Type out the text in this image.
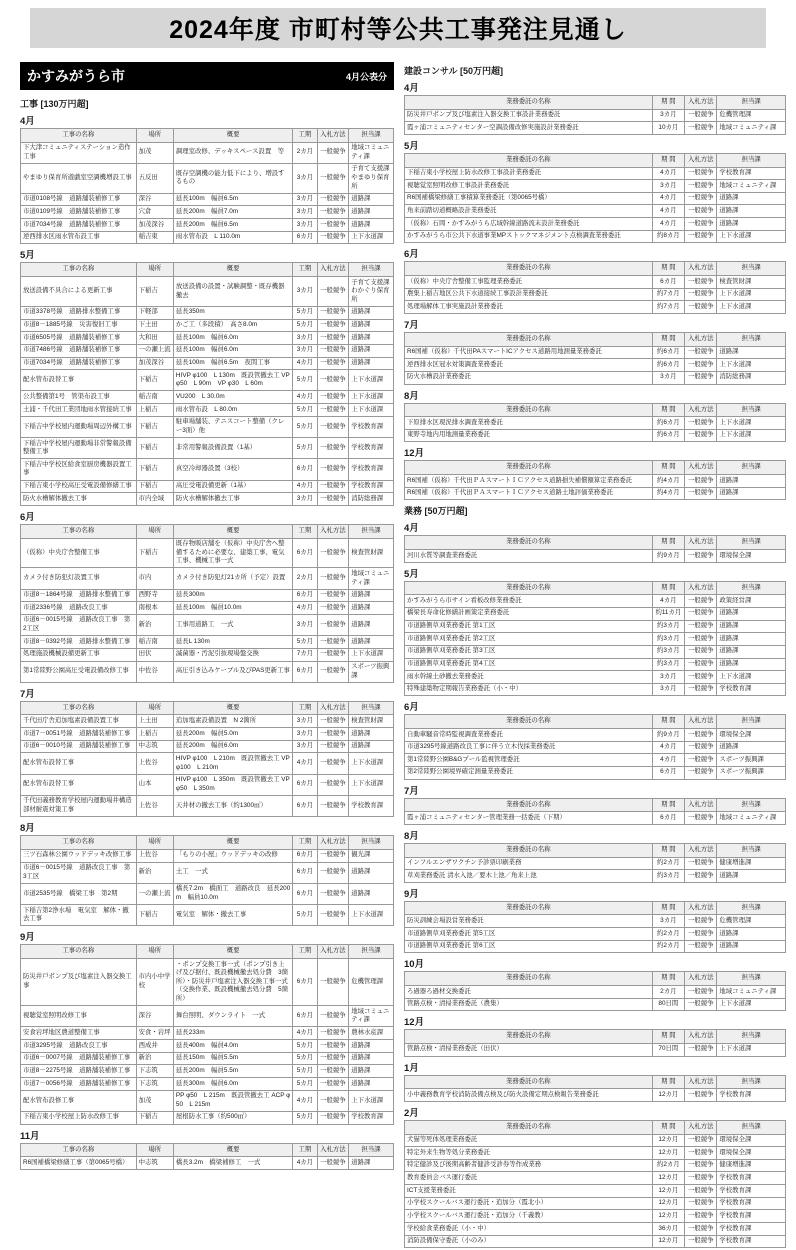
2024年度 市町村等公共工事発注見通し
かすみがうら市	4月公表分
工事 [130万円超]
4月
工事の名称	場所	概要	工期	入札方法	担当課
下大津コミュニティステーション造作工事	加茂	調理室改修、デッキスペース設置　等	2カ月	一般競争	地域コミュニティ課
やまゆり保育所遊戯室空調機増設工事	五反田	既存空調機の能力低下により、増設するもの	3カ月	一般競争	子育て支援課やまゆり保育所
市道0108号線　道路舗装補修工事	深谷	延長100m　幅員6.5m	3カ月	一般競争	道路課
市道0109号線　道路舗装補修工事	穴倉	延長200m　幅員7.0m	3カ月	一般競争	道路課
市道7034号線　道路舗装補修工事	加茂深谷	延長200m　幅員6.5m	3カ月	一般競争	道路課
逆西排水区雨水管布設工事	稲吉東	雨水管布設　L 110.0m	6カ月	一般競争	上下水道課
5月
工事の名称	場所	概要	工期	入札方法	担当課
放送設備不具合による更新工事	下稲吉	放送設備の設置・試験調整・既存機器撤去	3カ月	一般競争	子育て支援課わかぐり保育所
市道3378号線　道路排水整備工事	下軽部	延長350m	5カ月	一般競争	道路課
市道8－1885号線　災害復旧工事	下土田	かご工（多段積）　高さ8.0m	5カ月	一般競争	道路課
市道6505号線　道路舗装補修工事	大和田	延長100m　幅員6.0m	3カ月	一般競争	道路課
市道7486号線　道路舗装補修工事	一の瀬上流	延長100m　幅員6.0m	3カ月	一般競争	道路課
市道7034号線　道路舗装補修工事	加茂深谷	延長100m　幅員6.5m　夜間工事	4カ月	一般競争	道路課
配水管布設替工事	下稲吉	HIVP φ100　L 130m　既設管撤去工 VP φ50　L 90m　VP φ30　L 60m	5カ月	一般競争	上下水道課
公共整備第1号　管渠布設工事	稲吉南	VU200　L 30.0m	4カ月	一般競争	上下水道課
土浦・千代田工業団地雨水管接続工事	上稲吉	雨水管布設　L 80.0m	5カ月	一般競争	上下水道課
下稲吉中学校屋内運動場周辺外構工事	下稲吉	駐車場舗装、テニスコート整備（クレー3面）他	5カ月	一般競争	学校教育課
下稲吉中学校屋内運動場非常警報設備整備工事	下稲吉	非常用警報設備設置（1基）	5カ月	一般競争	学校教育課
下稲吉中学校区給食室厨房機器設置工事	下稲吉	真空冷却器設置（3校）	6カ月	一般競争	学校教育課
下稲吉東小学校高圧受電設備修繕工事	下稲吉	高圧受電設備更新（1基）	4カ月	一般競争	学校教育課
防火水槽解体撤去工事	市内全域	防火水槽解体撤去工事	3カ月	一般競争	消防総務課
6月
工事の名称	場所	概要	工期	入札方法	担当課
（仮称）中央庁舎整備工事	下稲吉	既存物販店舗を（仮称）中央庁舎へ整備するために必要な、建築工事、電気工事、機械工事一式	6カ月	一般競争	検査管財課
カメラ付き防犯灯設置工事	市内	カメラ付き防犯灯21カ所（予定）設置	2カ月	一般競争	地域コミュニティ課
市道8－1864号線　道路排水整備工事	西野寺	延長300m	6カ月	一般競争	道路課
市道2336号線　道路改良工事	南根本	延長100m　幅員10.0m	4カ月	一般競争	道路課
市道6－0015号線　道路改良工事　第2工区	新治	工事用道路工　一式	3カ月	一般競争	道路課
市道8－0392号線　道路排水整備工事	稲吉南	延長L 130m	5カ月	一般競争	道路課
処理施設機械設備更新工事	田伏	滅菌器・汚泥引抜現場盤交換	7カ月	一般競争	上下水道課
第1常陸野公園高圧受電設備改修工事	中佐谷	高圧引き込みケーブル及びPAS更新工事	6カ月	一般競争	スポーツ振興課
7月
工事の名称	場所	概要	工期	入札方法	担当課
千代田庁舎追加塩素設備設置工事	上土田	追加塩素設備設置　N 2箇所	3カ月	一般競争	検査管財課
市道7－0051号線　道路舗装補修工事	上稲吉	延長200m　幅員5.0m	3カ月	一般競争	道路課
市道6－0010号線　道路舗装補修工事	中志筑	延長200m　幅員6.0m	3カ月	一般競争	道路課
配水管布設替工事	上佐谷	HIVP φ100　L 210m　既設管撤去工 VP φ100　L 210m	4カ月	一般競争	上下水道課
配水管布設替工事	山本	HIVP φ100　L 350m　既設管撤去工 VP φ50　L 350m	6カ月	一般競争	上下水道課
千代田義務教育学校屋内運動場井構造部材耐震対策工事	上佐谷	天井材の撤去工事（約1300㎡）	6カ月	一般競争	学校教育課
8月
工事の名称	場所	概要	工期	入札方法	担当課
三ツ石森林公園ウッドデッキ改修工事	上佐谷	「もりの小屋」ウッドデッキの改修	6カ月	一般競争	観光課
市道6－0015号線　道路改良工事　第3工区	新治	土工　一式	6カ月	一般競争	道路課
市道2535号線　橋梁工事　第2期	一の瀬上流	橋長7.2m　橋面工　道路改良　延長200m　幅員10.0m	6カ月	一般競争	道路課
下稲吉第2浄水場　電気室　解体・撤去工事	下稲吉	電気室　解体・撤去工事	5カ月	一般競争	上下水道課
9月
工事の名称	場所	概要	工期	入札方法	担当課
防災井戸ポンプ及び塩素注入器交換工事	市内小中学校	・ポンプ交換工事一式（ポンプ引き上げ及び据付、既設機械撤去処分費　3箇所）・防災井戸塩素注入器交換工事一式（交換作業、既設機械撤去処分費　5箇所）	6カ月	一般競争	危機管理課
視聴覚室照明改修工事	深谷	舞台照明、ダウンライト　一式	6カ月	一般競争	地域コミュニティ課
安食岩坪地区農道整備工事	安食・岩坪	延長233m	4カ月	一般競争	農林水産課
市道3295号線　道路改良工事	西成井	延長400m　幅員4.0m	5カ月	一般競争	道路課
市道6－0007号線　道路舗装補修工事	新治	延長150m　幅員5.5m	5カ月	一般競争	道路課
市道8－2275号線　道路舗装補修工事	下志筑	延長200m　幅員5.5m	5カ月	一般競争	道路課
市道7－0056号線　道路舗装補修工事	下志筑	延長300m　幅員6.0m	5カ月	一般競争	道路課
配水管布設修工事	加茂	PP φ50　L 215m　既設管撤去工 ACP φ50　L 215m	4カ月	一般競争	上下水道課
下稲吉東小学校屋上防水改修工事	下稲吉	屋根防水工事（約500㎡）	5カ月	一般競争	学校教育課
11月
工事の名称	場所	概要	工期	入札方法	担当課
R6国補橋梁修繕工事（第0065号橋）	中志筑	橋長3.2m　橋梁補修工　一式	4カ月	一般競争	道路課
建設コンサル [50万円超]
4月
業務委託の名称	期 間	入札方法	担当課
防災井戸ポンプ及び塩素注入器交換工事設計業務委託	3カ月	一般競争	危機管理課
霞ヶ浦コミュニティセンター空調設備改修実施設計業務委託	10カ月	一般競争	地域コミュニティ課
5月
業務委託の名称	期 間	入札方法	担当課
下稲吉東小学校屋上防水改修工事設計業務委託	4カ月	一般競争	学校教育課
視聴覚室照明改修工事設計業務委託	3カ月	一般競争	地域コミュニティ課
R6国補橋梁修繕工事積算業務委託（第0065号橋）	4カ月	一般競争	道路課
角来前踏切道概略設計業務委託	4カ月	一般競争	道路課
（仮称）石岡・かすみがうら広域幹線道路流末設計業務委託	4カ月	一般競争	道路課
かすみがうら市公共下水道事業MPストックマネジメント点検調査業務委託	約8カ月	一般競争	上下水道課
6月
業務委託の名称	期 間	入札方法	担当課
（仮称）中央庁舎整備工事監理業務委託	6カ月	一般競争	検査管財課
農集上稲吉地区公共下水道接続工事設計業務委託	約7カ月	一般競争	上下水道課
処理場解体工事実施設計業務委託	約7カ月	一般競争	上下水道課
7月
業務委託の名称	期 間	入札方法	担当課
R6国補（仮称）千代田PAスマートICアクセス道路用地測量業務委託	約6カ月	一般競争	道路課
逆西排水区冠水対策調査業務委託	約6カ月	一般競争	上下水道課
防火水槽設計業務委託	3カ月	一般競争	消防総務課
8月
業務委託の名称	期 間	入札方法	担当課
下原排水区現況排水調査業務委託	約6カ月	一般競争	上下水道課
東野寺地内用地測量業務委託	約6カ月	一般競争	上下水道課
12月
業務委託の名称	期 間	入札方法	担当課
R6国補（仮称）千代田ＰＡスマートＩＣアクセス道路損失補償額算定業務委託	約4カ月	一般競争	道路課
R6国補（仮称）千代田ＰＡスマートＩＣアクセス道路土地評価業務委託	約4カ月	一般競争	道路課
業務 [50万円超]
4月
業務委託の名称	期 間	入札方法	担当課
河川水質等調査業務委託	約9カ月	一般競争	環境保全課
5月
業務委託の名称	期 間	入札方法	担当課
かすみがうら市サイン看板改修業務委託	4カ月	一般競争	政策経営課
橋梁長寿命化修繕計画策定業務委託	約11カ月	一般競争	道路課
市道路側草刈業務委託 第1工区	約3カ月	一般競争	道路課
市道路側草刈業務委託 第2工区	約3カ月	一般競争	道路課
市道路側草刈業務委託 第3工区	約3カ月	一般競争	道路課
市道路側草刈業務委託 第4工区	約3カ月	一般競争	道路課
雨水幹線土砂撤去業務委託	3カ月	一般競争	上下水道課
特殊建築物定期報告業務委託（小・中）	3カ月	一般競争	学校教育課
6月
業務委託の名称	期 間	入札方法	担当課
自動車騒音常時監視調査業務委託	約9カ月	一般競争	環境保全課
市道3295号線道路改良工事に伴う立木伐採業務委託	4カ月	一般競争	道路課
第1常陸野公園B&Gプール監視管理委託	4カ月	一般競争	スポーツ振興課
第2常陸野公園境界確定測量業務委託	6カ月	一般競争	スポーツ振興課
7月
業務委託の名称	期 間	入札方法	担当課
霞ヶ浦コミュニティセンター管理業務一括委託（下期）	6カ月	一般競争	地域コミュニティ課
8月
業務委託の名称	期 間	入札方法	担当課
インフルエンザワクチン予診票印刷業務	約2カ月	一般競争	健康増進課
草刈業務委託 清水入池／要木上池／角来上池	約3カ月	一般競争	道路課
9月
業務委託の名称	期 間	入札方法	担当課
防災訓練会場設営業務委託	3カ月	一般競争	危機管理課
市道路側草刈業務委託 第5工区	約2カ月	一般競争	道路課
市道路側草刈業務委託 第6工区	約2カ月	一般競争	道路課
10月
業務委託の名称	期 間	入札方法	担当課
ろ過器ろ過材交換委託	2カ月	一般競争	地域コミュニティ課
管路点検・清掃業務委託（農集）	80日間	一般競争	上下水道課
12月
業務委託の名称	期 間	入札方法	担当課
管路点検・清掃業務委託（田伏）	70日間	一般競争	上下水道課
1月
業務委託の名称	期 間	入札方法	担当課
小中義務教育学校消防設備点検及び防火設備定期点検報告業務委託	12カ月	一般競争	学校教育課
2月
業務委託の名称	期 間	入札方法	担当課
犬猫等死体処理業務委託	12カ月	一般競争	環境保全課
特定外来生物等処分業務委託	12カ月	一般競争	環境保全課
特定健診及び後期高齢者健診受診券等作成業務	約2カ月	一般競争	健康増進課
教育委員会バス運行委託	12カ月	一般競争	学校教育課
ICT支援業務委託	12カ月	一般競争	学校教育課
小学校スクールバス運行委託・追加分（霞北小）	12カ月	一般競争	学校教育課
小学校スクールバス運行委託・追加分（千義教）	12カ月	一般競争	学校教育課
学校給食業務委託（小・中）	36カ月	一般競争	学校教育課
消防設備保守委託（小のみ）	12カ月	一般競争	学校教育課
